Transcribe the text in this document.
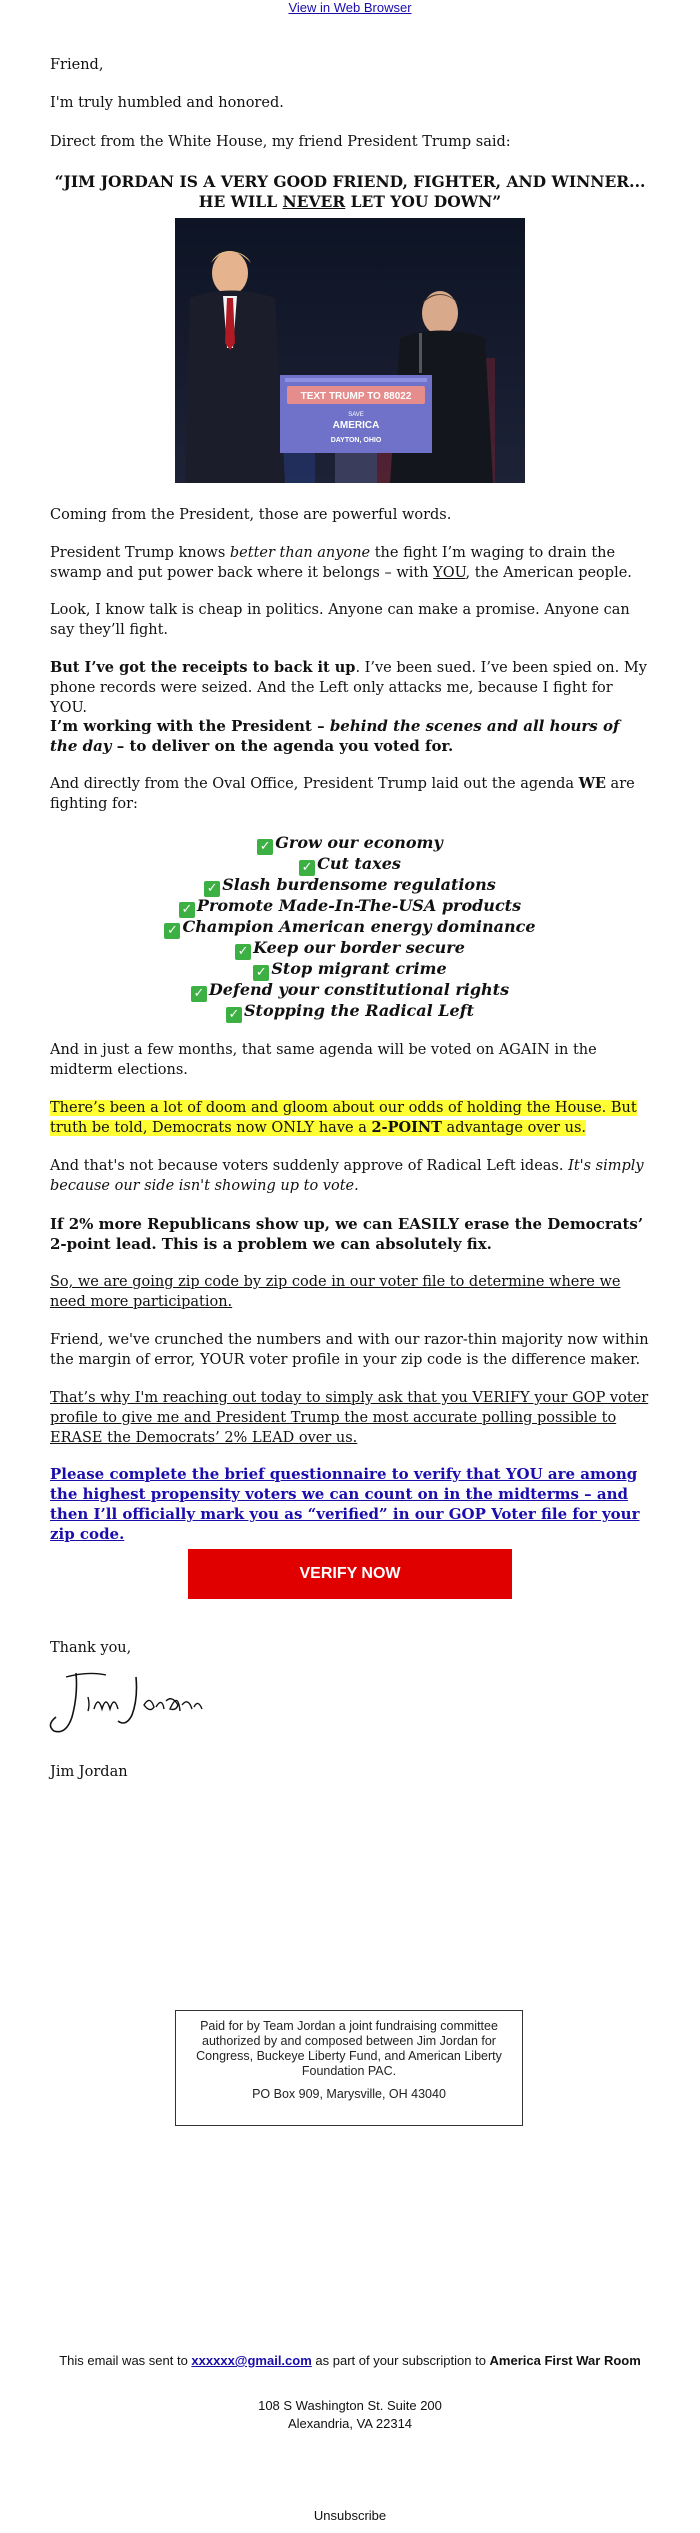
View in Web Browser

Friend,

I'm truly humbled and honored.

Direct from the White House, my friend President Trump said:

“JIM JORDAN IS A VERY GOOD FRIEND, FIGHTER, AND WINNER...
HE WILL NEVER LET YOU DOWN”
TEXT TRUMP TO 88022
SAVE
AMERICA
DAYTON, OHIO

Coming from the President, those are powerful words.

President Trump knows better than anyone the fight I’m waging to drain the swamp and put power back where it belongs – with YOU, the American people.

Look, I know talk is cheap in politics. Anyone can make a promise. Anyone can say they’ll fight.

But I’ve got the receipts to back it up. I’ve been sued. I’ve been spied on. My phone records were seized. And the Left only attacks me, because I fight for YOU.

I’m working with the President – behind the scenes and all hours of the day – to deliver on the agenda you voted for.

And directly from the Oval Office, President Trump laid out the agenda WE are fighting for:

✓ Grow our economy
✓ Cut taxes
✓ Slash burdensome regulations
✓ Promote Made-In-The-USA products
✓ Champion American energy dominance
✓ Keep our border secure
✓ Stop migrant crime
✓ Defend your constitutional rights
✓ Stopping the Radical Left

And in just a few months, that same agenda will be voted on AGAIN in the midterm elections.

There’s been a lot of doom and gloom about our odds of holding the House. But truth be told, Democrats now ONLY have a 2-POINT advantage over us.

And that's not because voters suddenly approve of Radical Left ideas. It's simply because our side isn't showing up to vote.

If 2% more Republicans show up, we can EASILY erase the Democrats’ 2-point lead. This is a problem we can absolutely fix.

So, we are going zip code by zip code in our voter file to determine where we need more participation.

Friend, we've crunched the numbers and with our razor-thin majority now within the margin of error, YOUR voter profile in your zip code is the difference maker.

That’s why I'm reaching out today to simply ask that you VERIFY your GOP voter profile to give me and President Trump the most accurate polling possible to ERASE the Democrats’ 2% LEAD over us.

Please complete the brief questionnaire to verify that YOU are among the highest propensity voters we can count on in the midterms – and then I’ll officially mark you as “verified” in our GOP Voter file for your zip code.
VERIFY NOW

Thank you,

Jim Jordan

Paid for by Team Jordan a joint fundraising committee authorized by and composed between Jim Jordan for Congress, Buckeye Liberty Fund, and American Liberty Foundation PAC.
PO Box 909, Marysville, OH 43040
This email was sent to xxxxxx@gmail.com as part of your subscription to America First War Room
108 S Washington St. Suite 200
Alexandria, VA 22314
Unsubscribe
